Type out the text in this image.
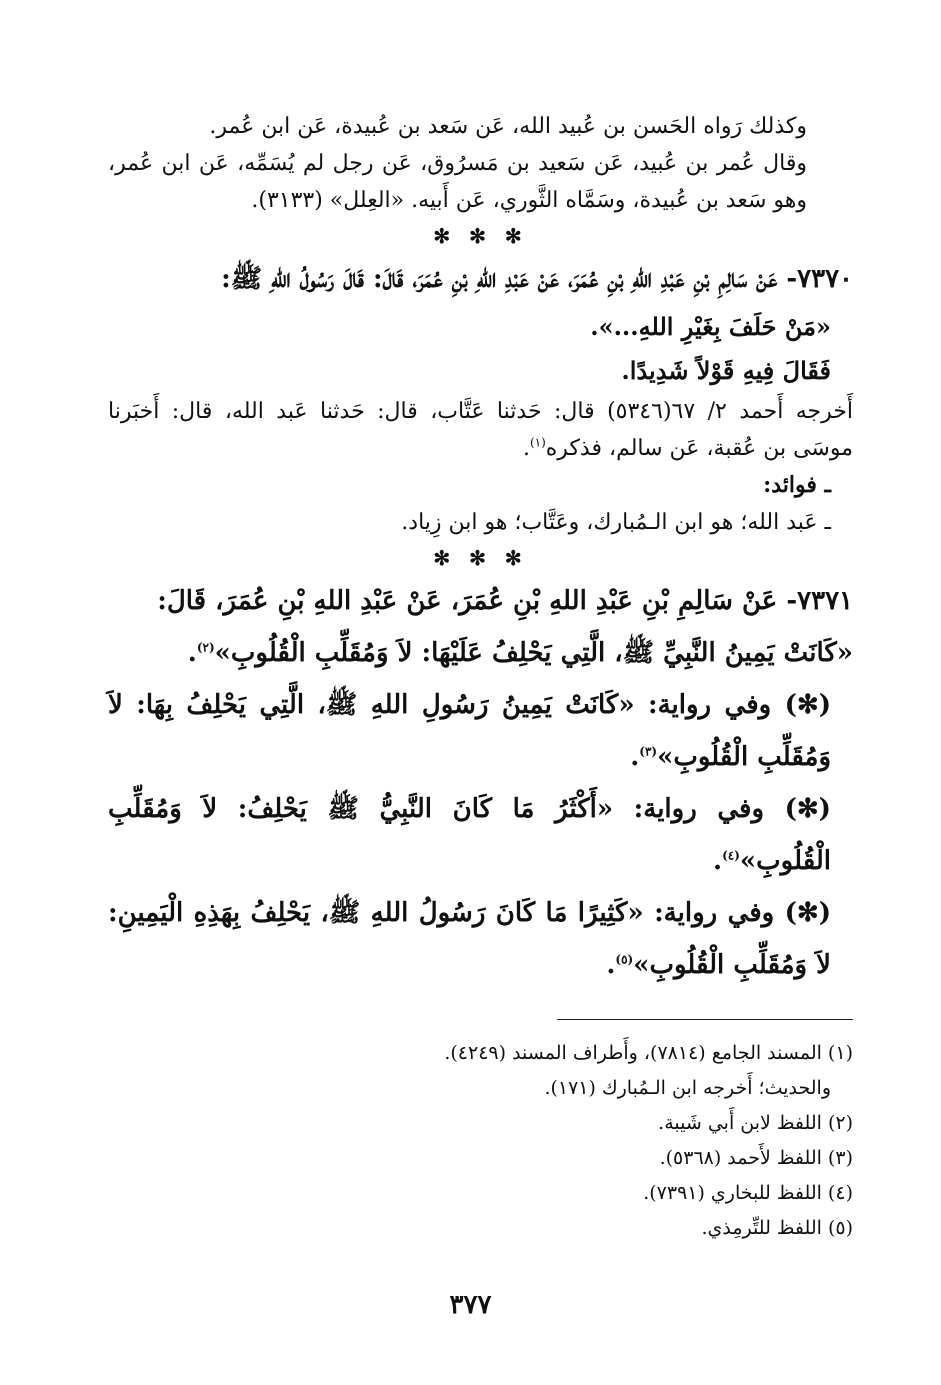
وكذلك رَواه الحَسن بن عُبيد الله، عَن سَعد بن عُبيدة، عَن ابن عُمر.

وقال عُمر بن عُبيد، عَن سَعيد بن مَسرُوق، عَن رجل لم يُسَمِّه، عَن ابن عُمر، وهو سَعد بن عُبيدة، وسَمَّاه الثَّوري، عَن أَبيه. «العِلل» (٣١٣٣).

✻ ✻ ✻

٧٣٧٠- عَنْ سَالِمِ بْنِ عَبْدِ اللهِ بْنِ عُمَرَ، عَنْ عَبْدِ اللهِ بْنِ عُمَرَ، قَالَ: قَالَ رَسُولُ اللهِ ﷺ:

«مَنْ حَلَفَ بِغَيْرِ اللهِ...».

فَقَالَ فِيهِ قَوْلاً شَدِيدًا.

أَخرجه أَحمد ٢/ ٦٧(٥٣٤٦) قال: حَدثنا عَتَّاب، قال: حَدثنا عَبد الله، قال: أَخبَرنا موسَى بن عُقبة، عَن سالم، فذكره$^{(١)}$.

ـ فوائد:

ـ عَبد الله؛ هو ابن الـمُبارك، وعَتَّاب؛ هو ابن زِياد.

✻ ✻ ✻

٧٣٧١- عَنْ سَالِمِ بْنِ عَبْدِ اللهِ بْنِ عُمَرَ، عَنْ عَبْدِ اللهِ بْنِ عُمَرَ، قَالَ:

«كَانَتْ يَمِينُ النَّبِيِّ ﷺ، الَّتِي يَحْلِفُ عَلَيْهَا: لاَ وَمُقَلِّبِ الْقُلُوبِ»$^{(٢)}$.

(✻) وفي رواية: «كَانَتْ يَمِينُ رَسُولِ اللهِ ﷺ، الَّتِي يَحْلِفُ بِهَا: لاَ وَمُقَلِّبِ الْقُلُوبِ»$^{(٣)}$.

(✻) وفي رواية: «أَكْثَرُ مَا كَانَ النَّبِيُّ ﷺ يَحْلِفُ: لاَ وَمُقَلِّبِ الْقُلُوبِ»$^{(٤)}$.

(✻) وفي رواية: «كَثِيرًا مَا كَانَ رَسُولُ اللهِ ﷺ، يَحْلِفُ بِهَذِهِ الْيَمِينِ: لاَ وَمُقَلِّبِ الْقُلُوبِ»$^{(٥)}$.

(١) المسند الجامع (٧٨١٤)، وأَطراف المسند (٤٢٤٩).

والحديث؛ أَخرجه ابن الـمُبارك (١٧١).

(٢) اللفظ لابن أَبي شَيبة.

(٣) اللفظ لأَحمد (٥٣٦٨).

(٤) اللفظ للبخاري (٧٣٩١).

(٥) اللفظ للتِّرمِذي.

٣٧٧
